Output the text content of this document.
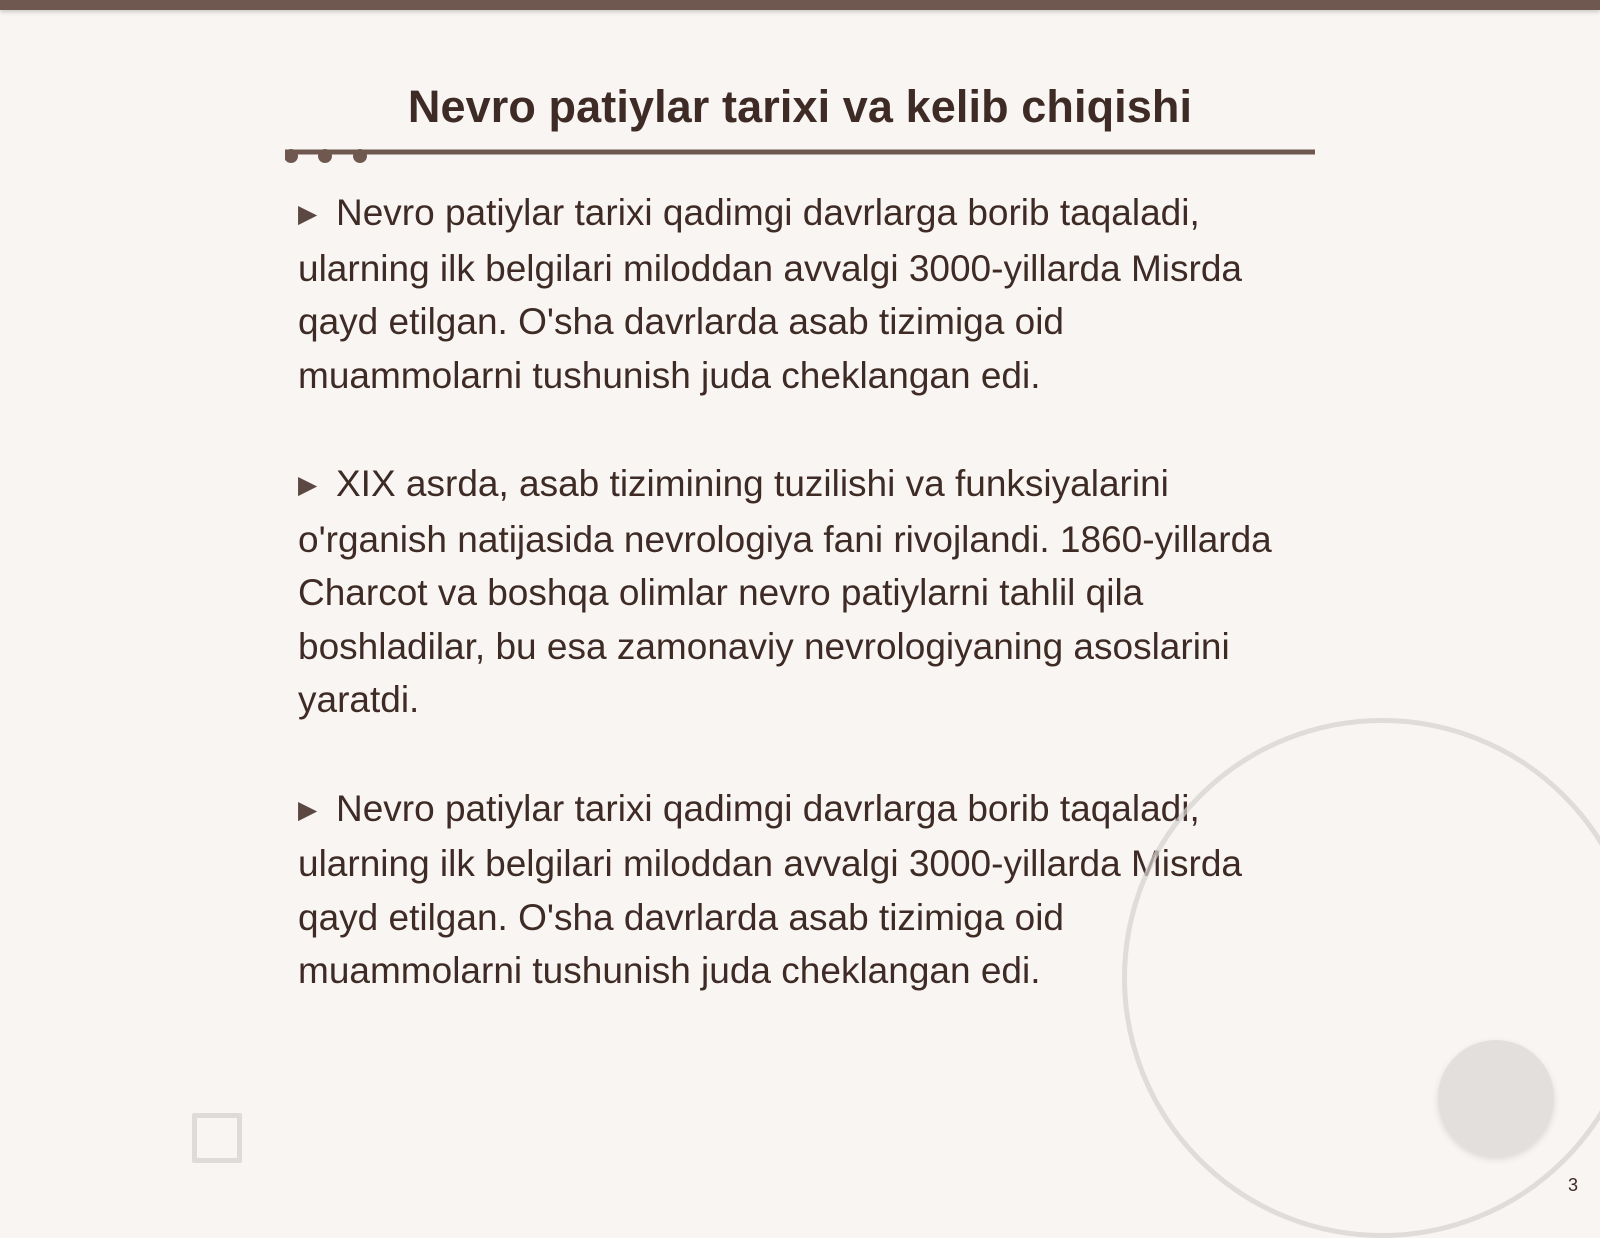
Nevro patiylar tarixi va kelib chiqishi

▶ Nevro patiylar tarixi qadimgi davrlarga borib taqaladi, ularning ilk belgilari miloddan avvalgi 3000-yillarda Misrda qayd etilgan. O'sha davrlarda asab tizimiga oid muammolarni tushunish juda cheklangan edi.

▶ XIX asrda, asab tizimining tuzilishi va funksiyalarini o'rganish natijasida nevrologiya fani rivojlandi. 1860-yillarda Charcot va boshqa olimlar nevro patiylarni tahlil qila boshladilar, bu esa zamonaviy nevrologiyaning asoslarini yaratdi.

▶ Nevro patiylar tarixi qadimgi davrlarga borib taqaladi, ularning ilk belgilari miloddan avvalgi 3000-yillarda Misrda qayd etilgan. O'sha davrlarda asab tizimiga oid muammolarni tushunish juda cheklangan edi.

3
